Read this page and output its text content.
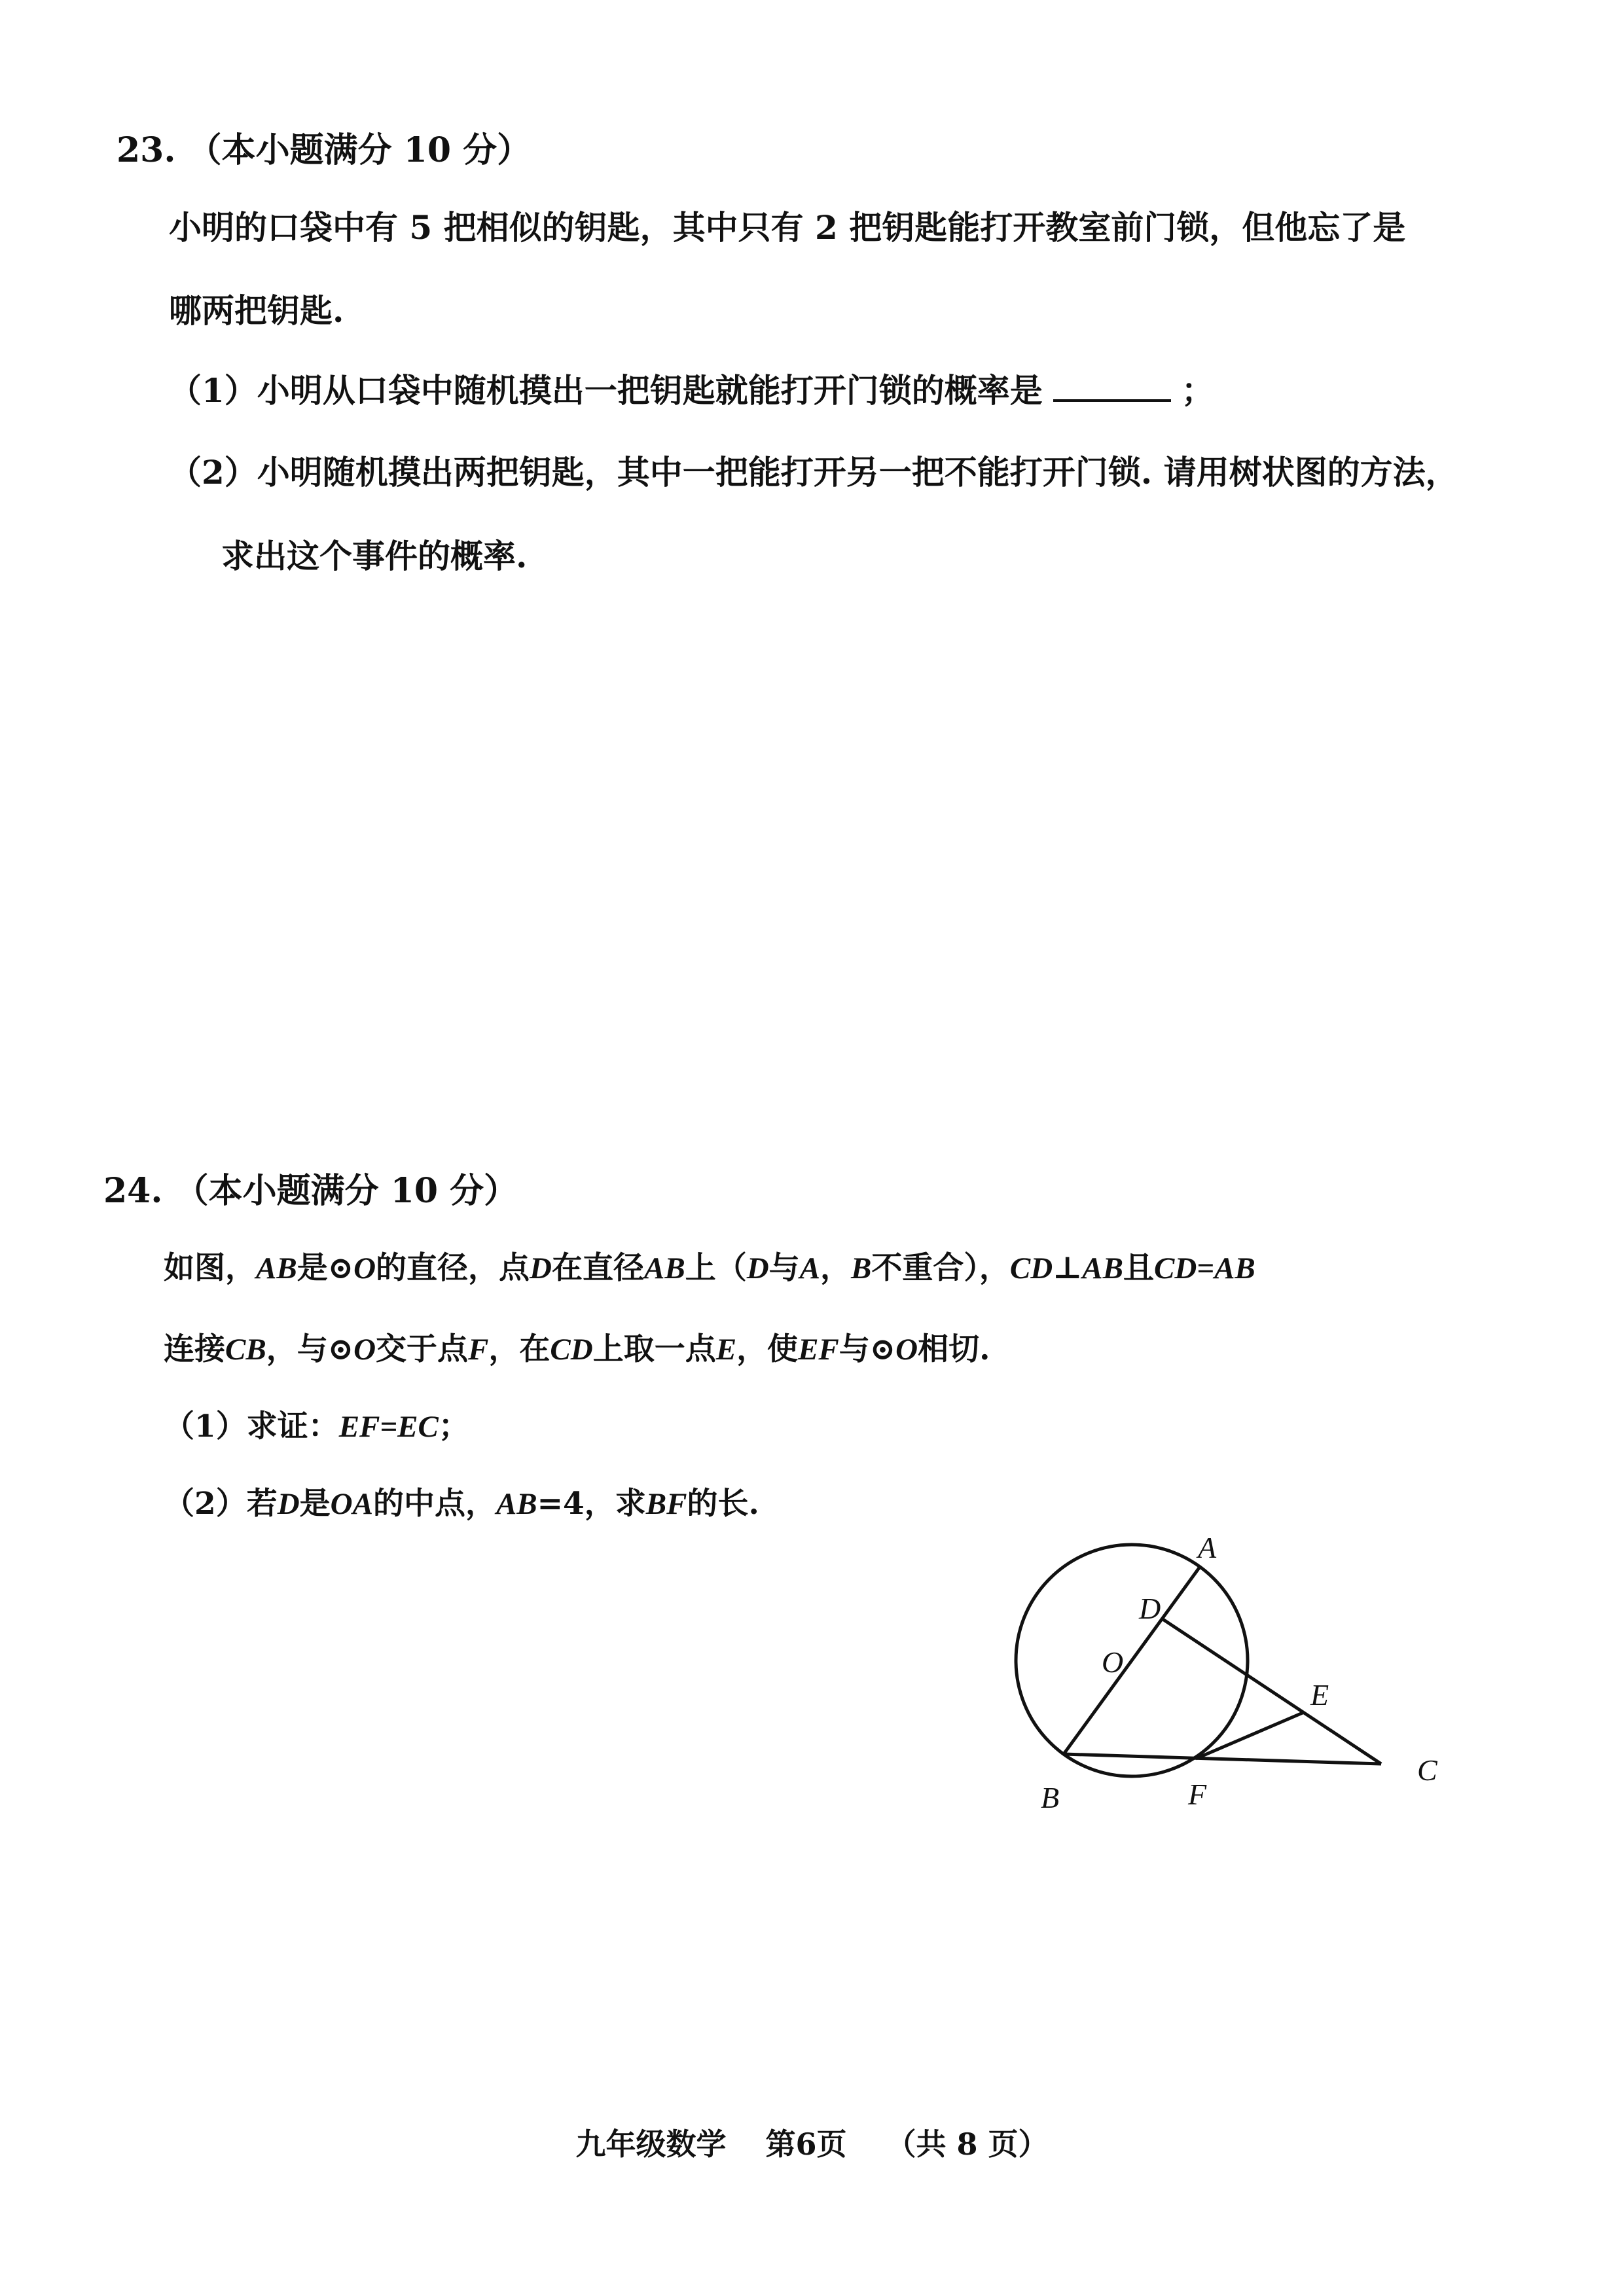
23. （本小题满分 10 分）
小明的口袋中有 5 把相似的钥匙，其中只有 2 把钥匙能打开教室前门锁，但他忘了是
哪两把钥匙.
（1）小明从口袋中随机摸出一把钥匙就能打开门锁的概率是	；
（2）小明随机摸出两把钥匙，其中一把能打开另一把不能打开门锁. 请用树状图的方法，
求出这个事件的概率.
24. （本小题满分 10 分）
如图，AB是⊙O的直径，点D在直径AB上（D与A，B不重合），CD⊥AB且CD=AB
连接CB，与⊙O交于点F，在CD上取一点E，使EF与⊙O相切.
（1）求证：EF=EC；
（2）若D是OA的中点，AB=4，求BF的长.
A
D
O
E
B	F
C
九年级数学 第6页 （共 8 页）
